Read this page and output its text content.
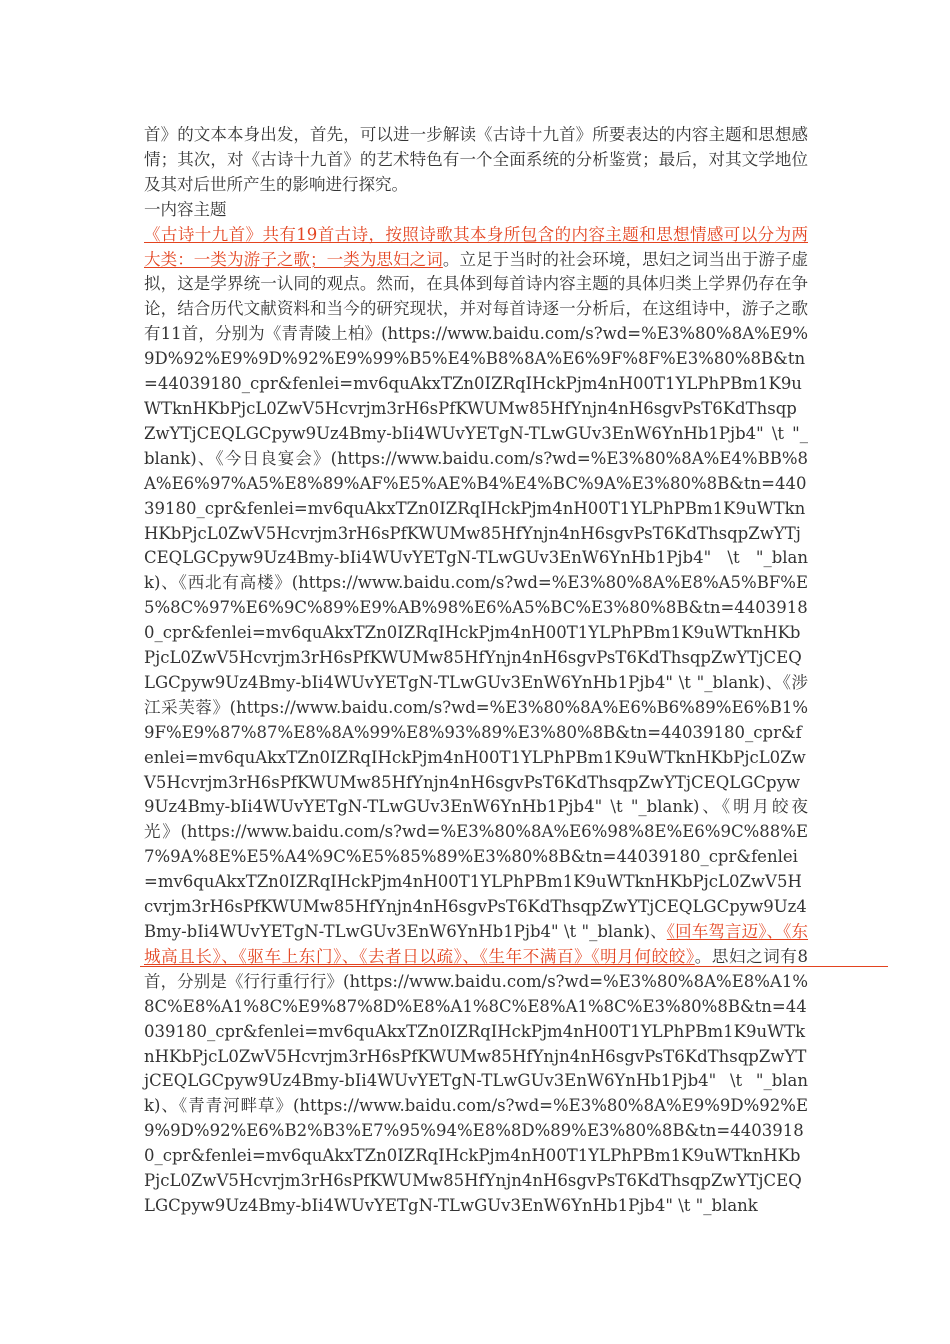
首》的文本本身出发，首先，可以进一步解读《古诗十九首》所要表达的内容主题和思想感情；其次，对《古诗十九首》的艺术特色有一个全面系统的分析鉴赏；最后，对其文学地位及其对后世所产生的影响进行探究。

一内容主题

《古诗十九首》共有19首古诗，按照诗歌其本身所包含的内容主题和思想情感可以分为两大类：一类为游子之歌；一类为思妇之词。立足于当时的社会环境，思妇之词当出于游子虚拟，这是学界统一认同的观点。然而，在具体到每首诗内容主题的具体归类上学界仍存在争论，结合历代文献资料和当今的研究现状，并对每首诗逐一分析后，在这组诗中，游子之歌有11首，分别为《青青陵上柏》(https://www.baidu.com/s?wd=%E3%80%8A%E9%9D%92%E9%9D%92%E9%99%B5%E4%B8%8A%E6%9F%8F%E3%80%8B&tn=44039180_cpr&fenlei=mv6quAkxTZn0IZRqIHckPjm4nH00T1YLPhPBm1K9uWTknHKbPjcL0ZwV5Hcvrjm3rH6sPfKWUMw85HfYnjn4nH6sgvPsT6KdThsqpZwYTjCEQLGCpyw9Uz4Bmy-bIi4WUvYETgN-TLwGUv3EnW6YnHb1Pjb4" \t "_blank)、《今日良宴会》(https://www.baidu.com/s?wd=%E3%80%8A%E4%BB%8A%E6%97%A5%E8%89%AF%E5%AE%B4%E4%BC%9A%E3%80%8B&tn=44039180_cpr&fenlei=mv6quAkxTZn0IZRqIHckPjm4nH00T1YLPhPBm1K9uWTknHKbPjcL0ZwV5Hcvrjm3rH6sPfKWUMw85HfYnjn4nH6sgvPsT6KdThsqpZwYTjCEQLGCpyw9Uz4Bmy-bIi4WUvYETgN-TLwGUv3EnW6YnHb1Pjb4" \t "_blank)、《西北有高楼》(https://www.baidu.com/s?wd=%E3%80%8A%E8%A5%BF%E5%8C%97%E6%9C%89%E9%AB%98%E6%A5%BC%E3%80%8B&tn=44039180_cpr&fenlei=mv6quAkxTZn0IZRqIHckPjm4nH00T1YLPhPBm1K9uWTknHKbPjcL0ZwV5Hcvrjm3rH6sPfKWUMw85HfYnjn4nH6sgvPsT6KdThsqpZwYTjCEQLGCpyw9Uz4Bmy-bIi4WUvYETgN-TLwGUv3EnW6YnHb1Pjb4" \t "_blank)、《涉江采芙蓉》(https://www.baidu.com/s?wd=%E3%80%8A%E6%B6%89%E6%B1%9F%E9%87%87%E8%8A%99%E8%93%89%E3%80%8B&tn=44039180_cpr&fenlei=mv6quAkxTZn0IZRqIHckPjm4nH00T1YLPhPBm1K9uWTknHKbPjcL0ZwV5Hcvrjm3rH6sPfKWUMw85HfYnjn4nH6sgvPsT6KdThsqpZwYTjCEQLGCpyw9Uz4Bmy-bIi4WUvYETgN-TLwGUv3EnW6YnHb1Pjb4" \t "_blank)、《明月皎夜光》(https://www.baidu.com/s?wd=%E3%80%8A%E6%98%8E%E6%9C%88%E7%9A%8E%E5%A4%9C%E5%85%89%E3%80%8B&tn=44039180_cpr&fenlei=mv6quAkxTZn0IZRqIHckPjm4nH00T1YLPhPBm1K9uWTknHKbPjcL0ZwV5Hcvrjm3rH6sPfKWUMw85HfYnjn4nH6sgvPsT6KdThsqpZwYTjCEQLGCpyw9Uz4Bmy-bIi4WUvYETgN-TLwGUv3EnW6YnHb1Pjb4" \t "_blank)、《回车驾言迈》、《东城高且长》、《驱车上东门》、《去者日以疏》、《生年不满百》《明月何皎皎》。思妇之词有8首，分别是《行行重行行》(https://www.baidu.com/s?wd=%E3%80%8A%E8%A1%8C%E8%A1%8C%E9%87%8D%E8%A1%8C%E8%A1%8C%E3%80%8B&tn=44039180_cpr&fenlei=mv6quAkxTZn0IZRqIHckPjm4nH00T1YLPhPBm1K9uWTknHKbPjcL0ZwV5Hcvrjm3rH6sPfKWUMw85HfYnjn4nH6sgvPsT6KdThsqpZwYTjCEQLGCpyw9Uz4Bmy-bIi4WUvYETgN-TLwGUv3EnW6YnHb1Pjb4" \t "_blank)、《青青河畔草》(https://www.baidu.com/s?wd=%E3%80%8A%E9%9D%92%E9%9D%92%E6%B2%B3%E7%95%94%E8%8D%89%E3%80%8B&tn=44039180_cpr&fenlei=mv6quAkxTZn0IZRqIHckPjm4nH00T1YLPhPBm1K9uWTknHKbPjcL0ZwV5Hcvrjm3rH6sPfKWUMw85HfYnjn4nH6sgvPsT6KdThsqpZwYTjCEQLGCpyw9Uz4Bmy-bIi4WUvYETgN-TLwGUv3EnW6YnHb1Pjb4" \t "_blank
